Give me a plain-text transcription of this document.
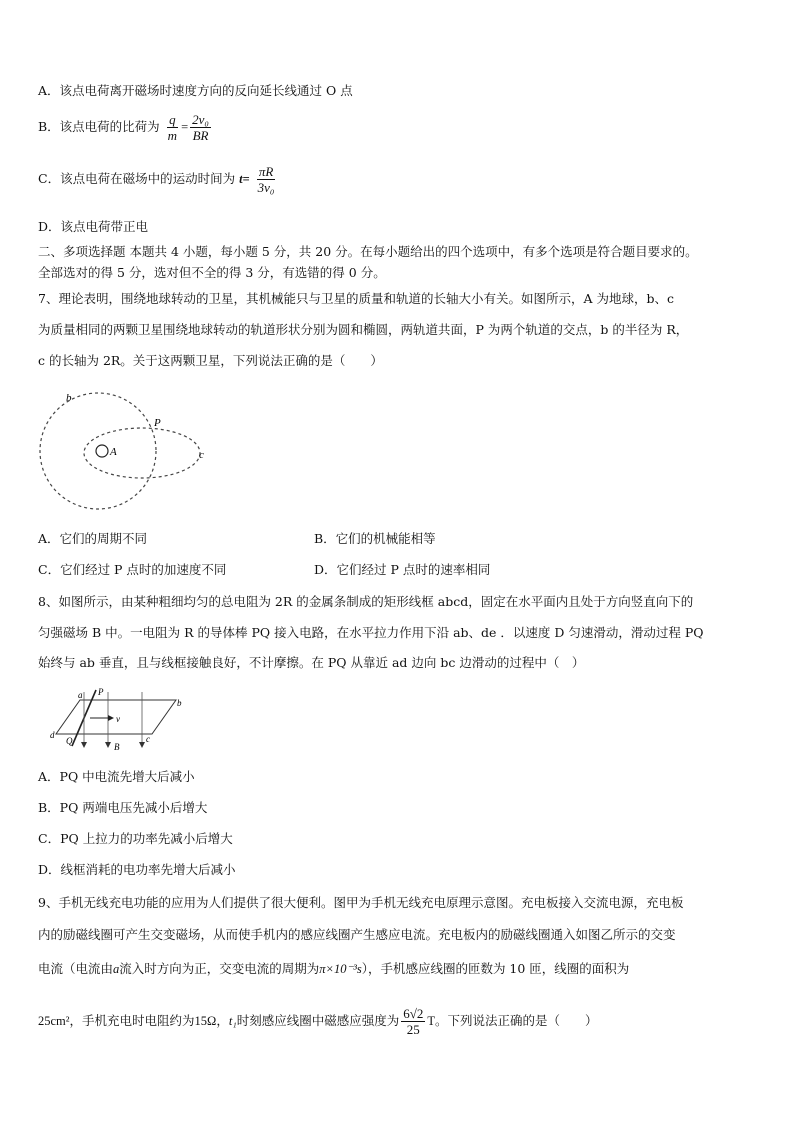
A．该点电荷离开磁场时速度方向的反向延长线通过 O 点
B．该点电荷的比荷为 $\frac{q}{m} = \frac{\text{2v₀}}{BR}$
C．该点电荷在磁场中的运动时间为 $t= \frac{\pi R}{\text{3v₀}}$
D．该点电荷带正电
二、多项选择题 本题共 4 小题，每小题 5 分，共 20 分。在每小题给出的四个选项中，有多个选项是符合题目要求的。
全部选对的得 5 分，选对但不全的得 3 分，有选错的得 0 分。
7、理论表明，围绕地球转动的卫星，其机械能只与卫星的质量和轨道的长轴大小有关。如图所示，A 为地球，b、c
为质量相同的两颗卫星围绕地球转动的轨道形状分别为圆和椭圆，两轨道共面，P 为两个轨道的交点，b 的半径为 R，
c 的长轴为 2R。关于这两颗卫星，下列说法正确的是（　　）
b
P
A	c
A．它们的周期不同	B．它们的机械能相等
C．它们经过 P 点时的加速度不同	D．它们经过 P 点时的速率相同
8、如图所示，由某种粗细均匀的总电阻为 2R 的金属条制成的矩形线框 abcd，固定在水平面内且处于方向竖直向下的
匀强磁场 B 中。一电阻为 R 的导体棒 PQ 接入电路，在水平拉力作用下沿 ab、de ．以速度 D 匀速滑动，滑动过程 PQ
始终与 ab 垂直，且与线框接触良好，不计摩擦。在 PQ 从靠近 ad 边向 bc 边滑动的过程中（　）
a P
b
v
d
Q
B
c
A．PQ 中电流先增大后减小
B．PQ 两端电压先减小后增大
C．PQ 上拉力的功率先减小后增大
D．线框消耗的电功率先增大后减小
9、手机无线充电功能的应用为人们提供了很大便利。图甲为手机无线充电原理示意图。充电板接入交流电源，充电板
内的励磁线圈可产生交变磁场，从而使手机内的感应线圈产生感应电流。充电板内的励磁线圈通入如图乙所示的交变
电流（电流由a流入时方向为正，交变电流的周期为π×10⁻³s），手机感应线圈的匝数为 10 匝，线圈的面积为
25cm²，手机充电时电阻约为15Ω，t₁时刻感应线圈中磁感应强度为 $\frac{6√2}{25}$ T。下列说法正确的是（　　）
